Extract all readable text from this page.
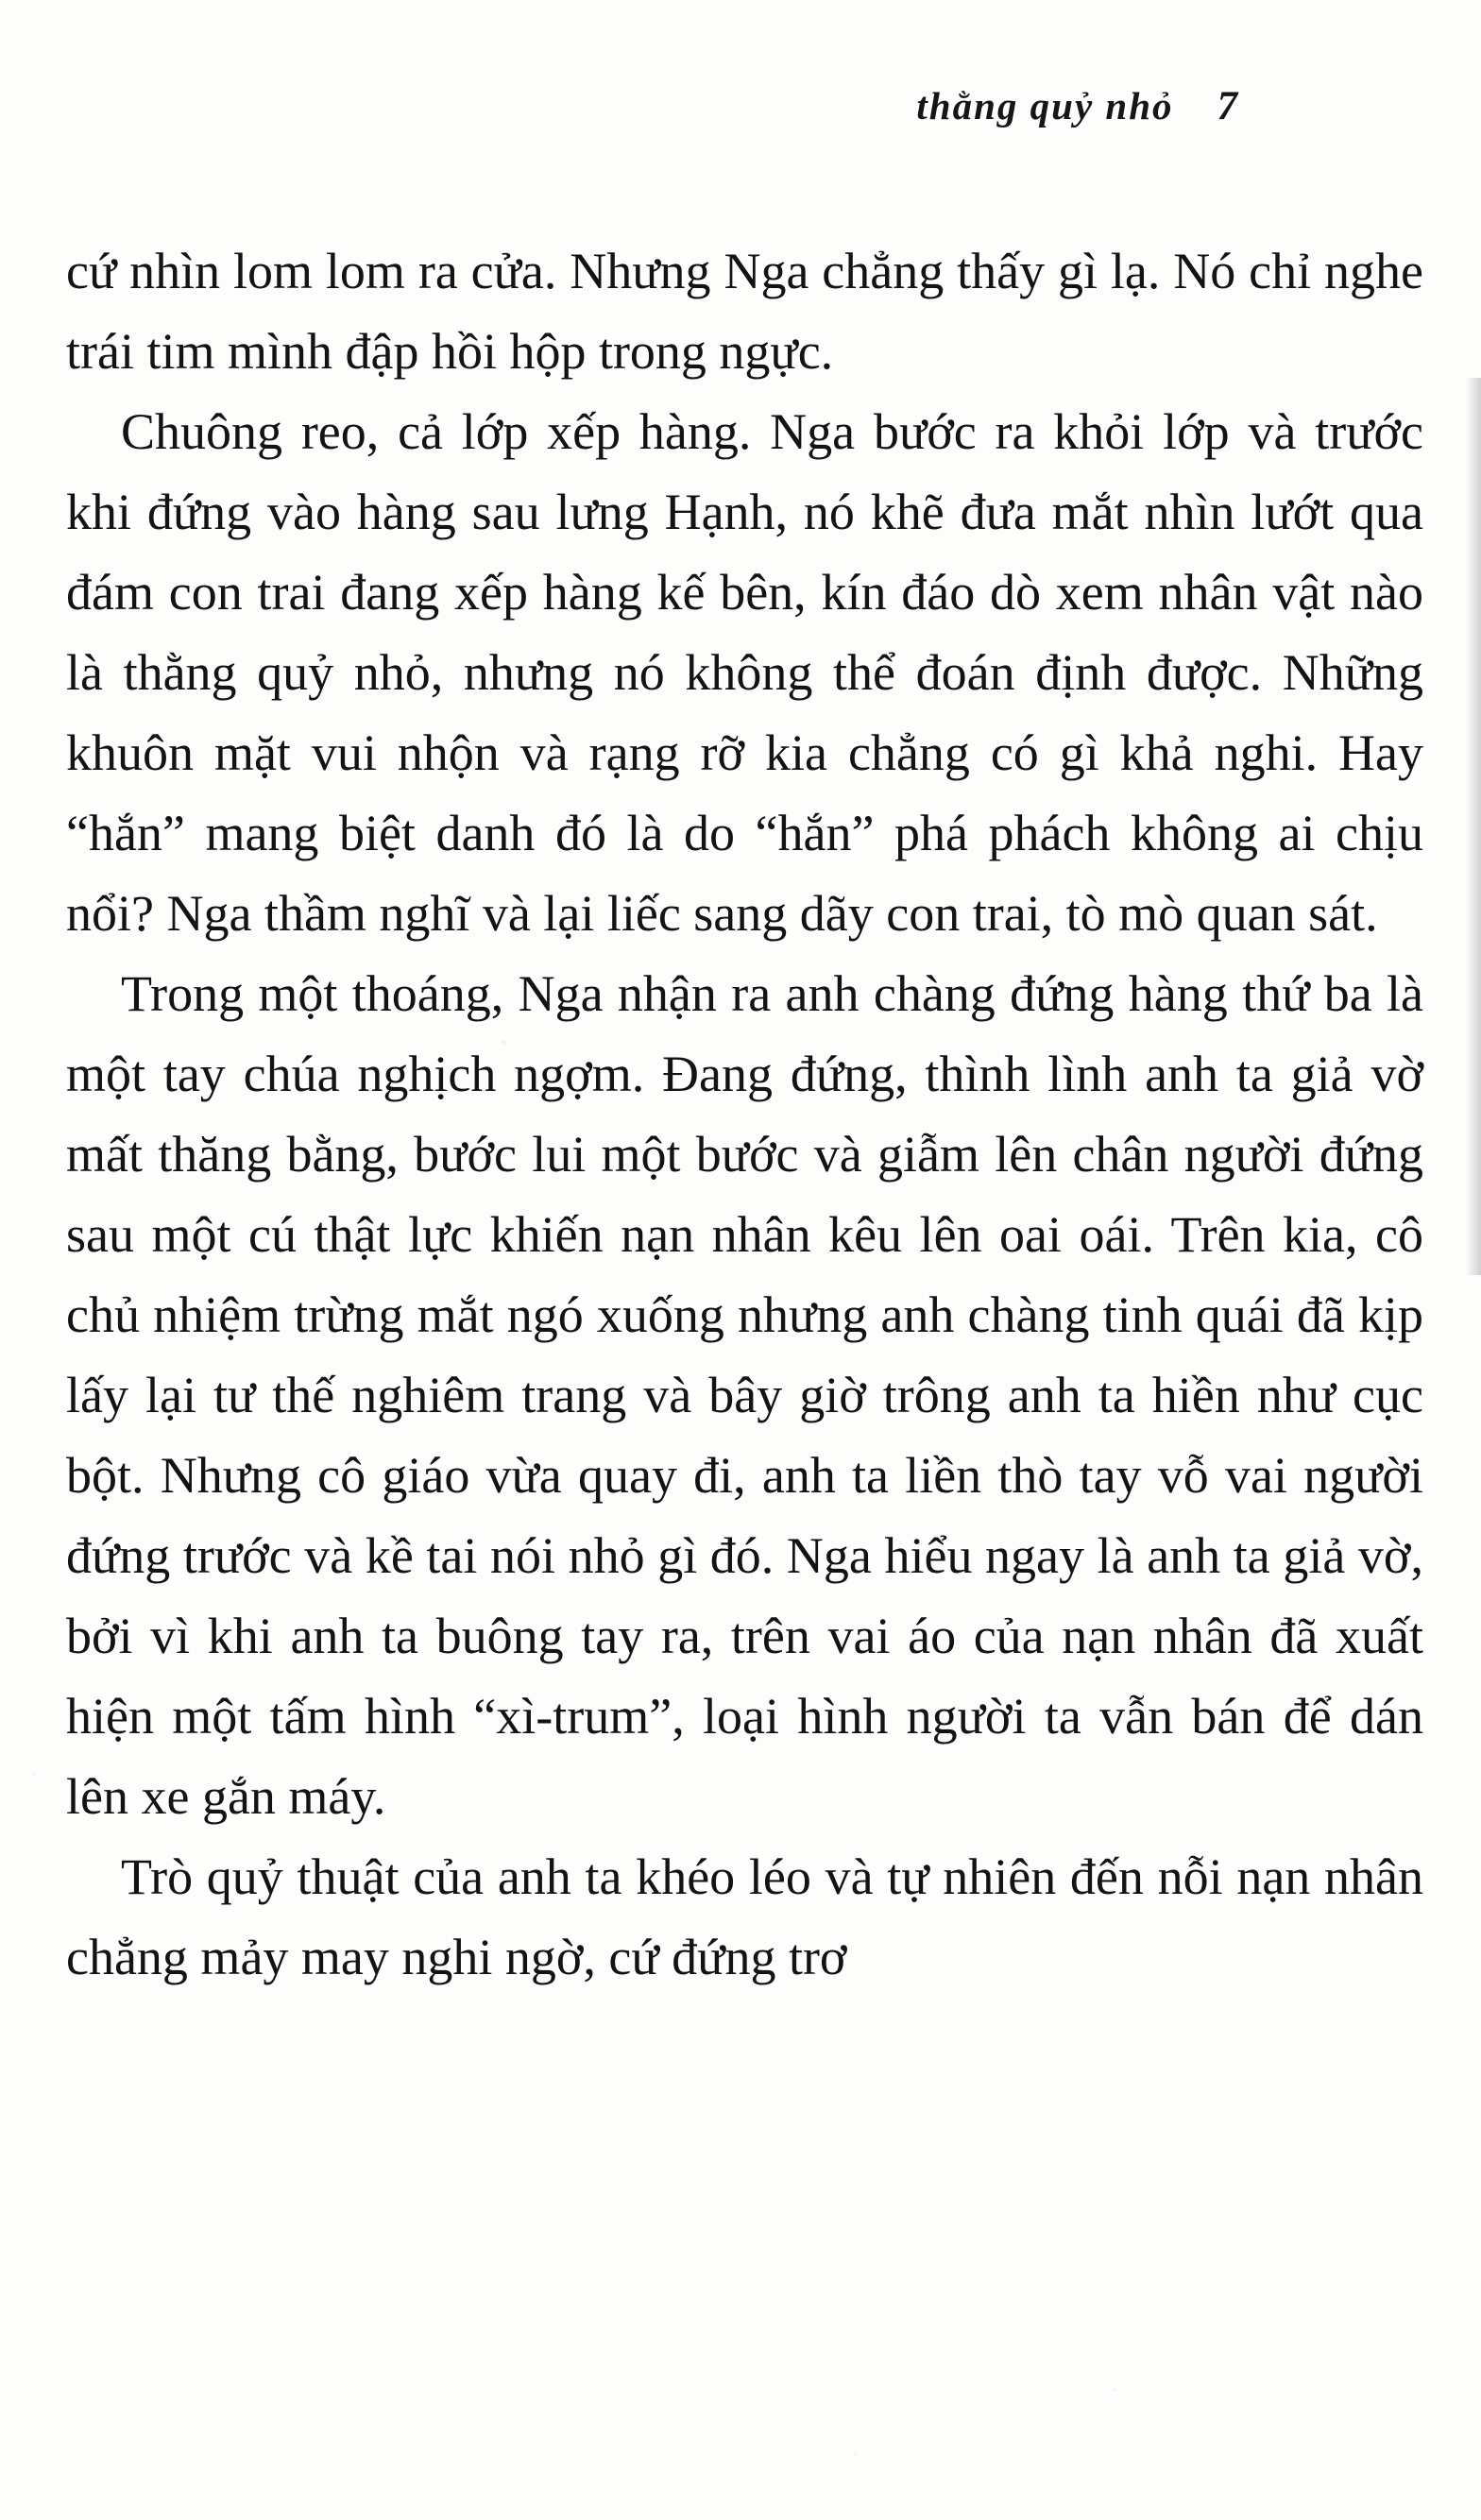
thằng quỷ nhỏ 7

cứ nhìn lom lom ra cửa. Nhưng Nga chẳng thấy gì lạ. Nó chỉ nghe trái tim mình đập hồi hộp trong ngực.

Chuông reo, cả lớp xếp hàng. Nga bước ra khỏi lớp và trước khi đứng vào hàng sau lưng Hạnh, nó khẽ đưa mắt nhìn lướt qua đám con trai đang xếp hàng kế bên, kín đáo dò xem nhân vật nào là thằng quỷ nhỏ, nhưng nó không thể đoán định được. Những khuôn mặt vui nhộn và rạng rỡ kia chẳng có gì khả nghi. Hay “hắn” mang biệt danh đó là do “hắn” phá phách không ai chịu nổi? Nga thầm nghĩ và lại liếc sang dãy con trai, tò mò quan sát.

Trong một thoáng, Nga nhận ra anh chàng đứng hàng thứ ba là một tay chúa nghịch ngợm. Đang đứng, thình lình anh ta giả vờ mất thăng bằng, bước lui một bước và giẫm lên chân người đứng sau một cú thật lực khiến nạn nhân kêu lên oai oái. Trên kia, cô chủ nhiệm trừng mắt ngó xuống nhưng anh chàng tinh quái đã kịp lấy lại tư thế nghiêm trang và bây giờ trông anh ta hiền như cục bột. Nhưng cô giáo vừa quay đi, anh ta liền thò tay vỗ vai người đứng trước và kề tai nói nhỏ gì đó. Nga hiểu ngay là anh ta giả vờ, bởi vì khi anh ta buông tay ra, trên vai áo của nạn nhân đã xuất hiện một tấm hình “xì-trum”, loại hình người ta vẫn bán để dán lên xe gắn máy.

Trò quỷ thuật của anh ta khéo léo và tự nhiên đến nỗi nạn nhân chẳng mảy may nghi ngờ, cứ đứng trơ
